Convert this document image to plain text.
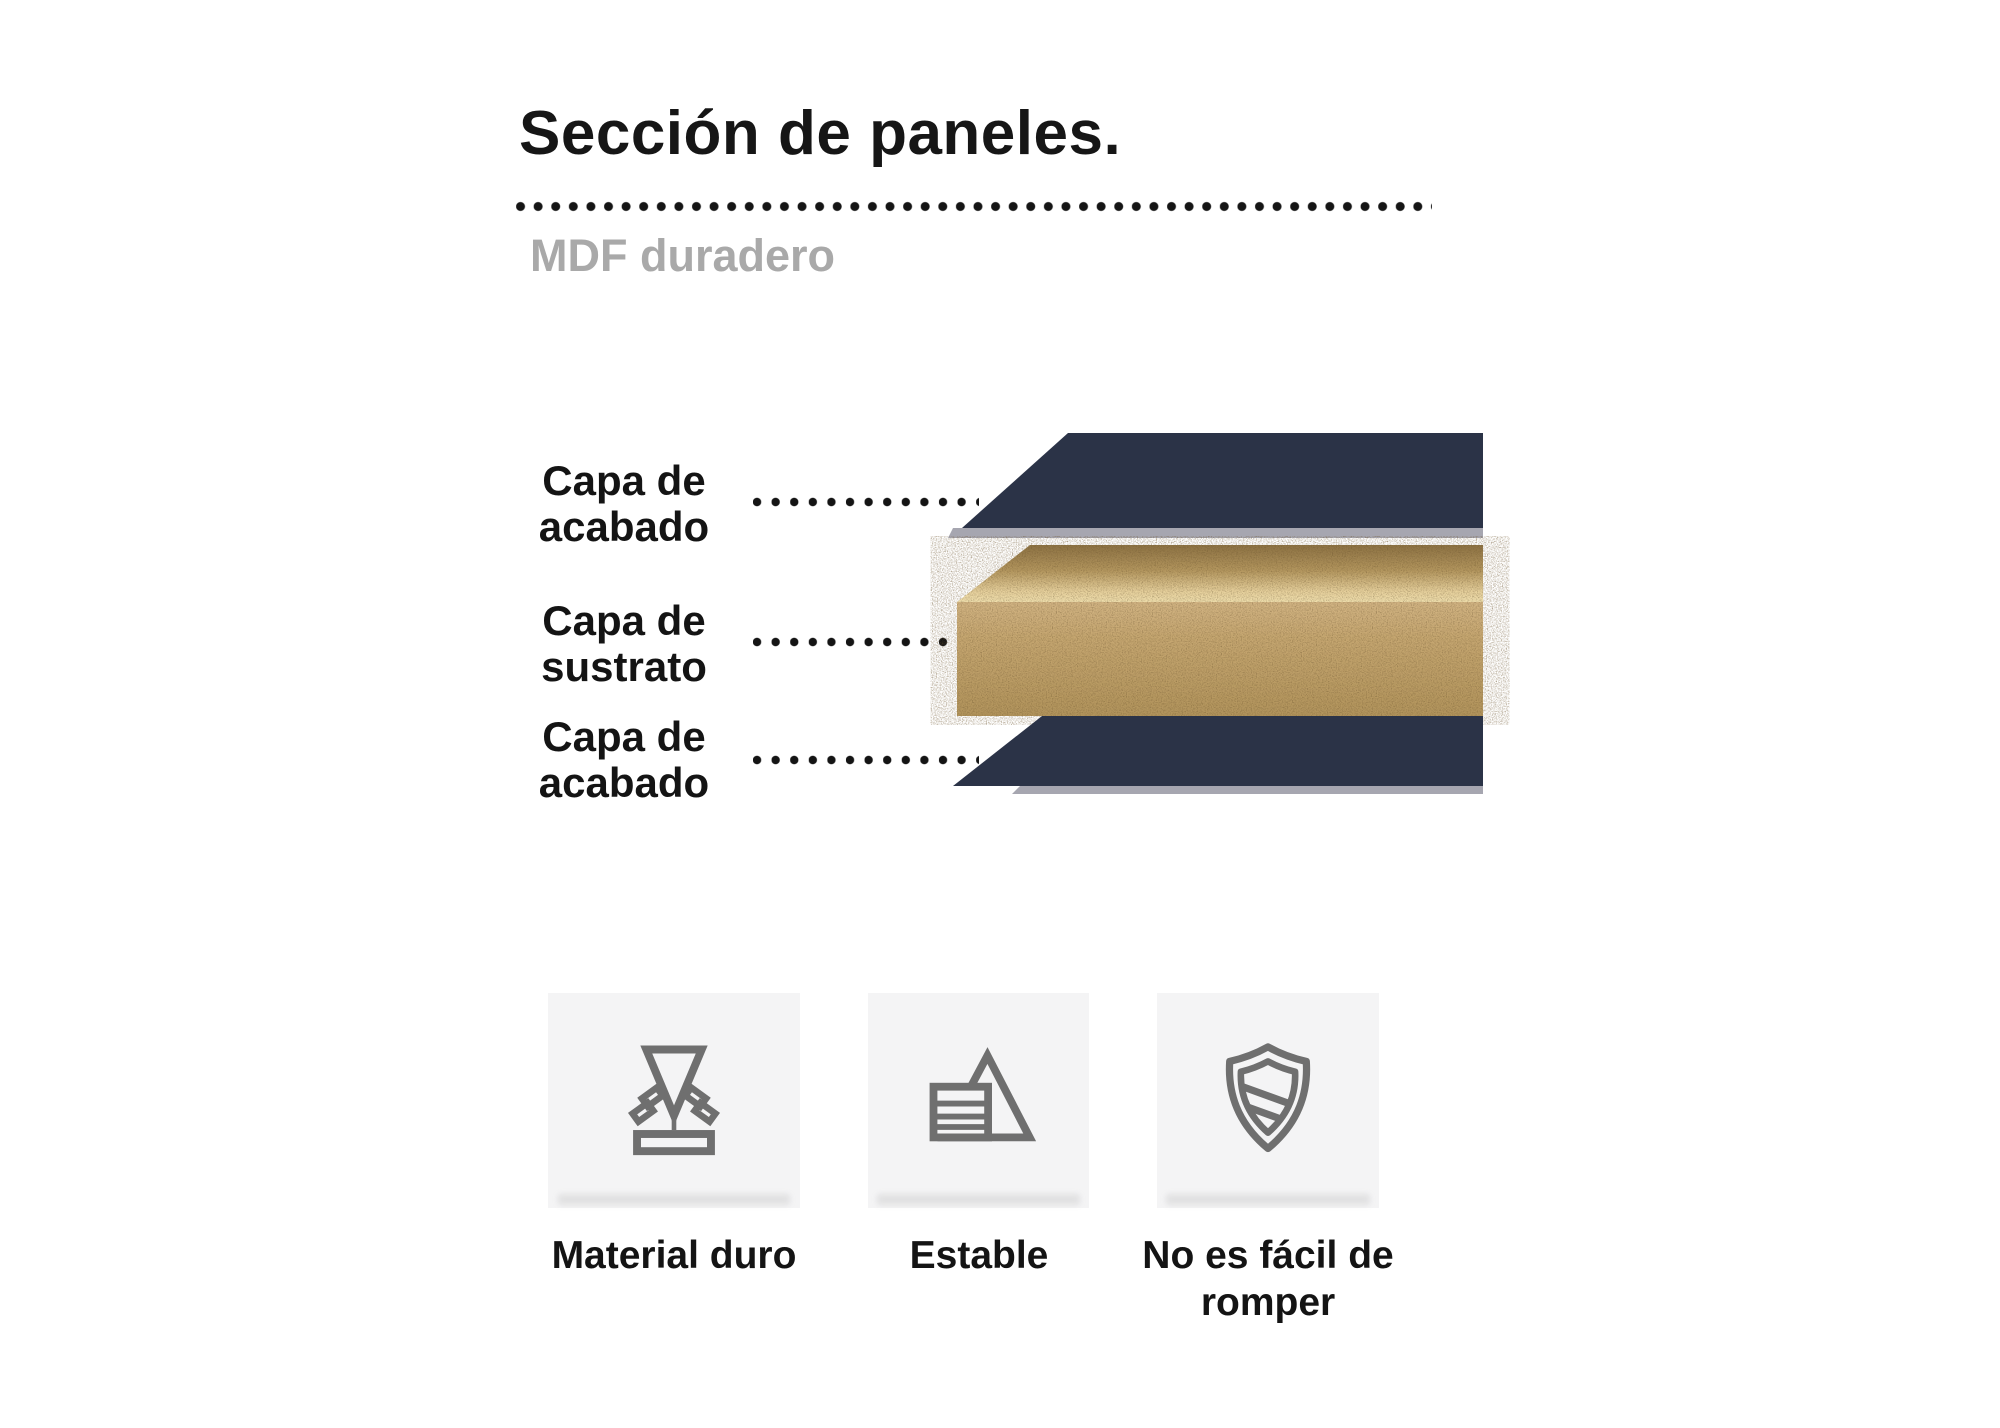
Sección de paneles.
MDF duradero
Capa de
acabado
Capa de
sustrato
Capa de
acabado
Material duro	Estable	No es fácil de romper
